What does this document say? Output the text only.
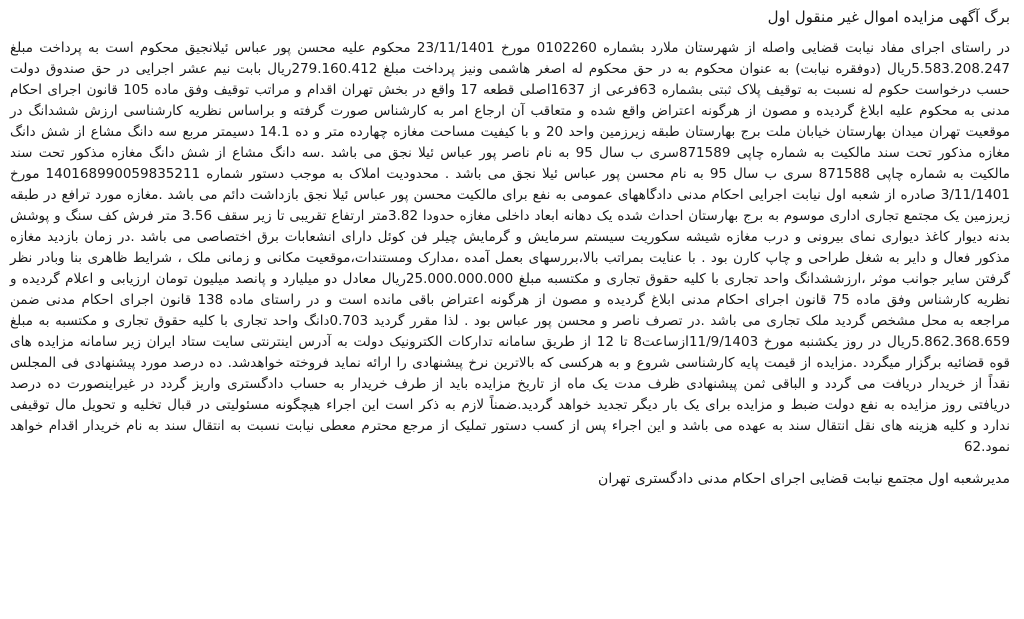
برگ آگهی مزایده اموال غیر منقول اول

در راستای اجرای مفاد نیابت قضایی واصله از شهرستان ملارد بشماره 0102260 مورخ 23/11/1401 محکوم علیه محسن پور عباس ئیلانجیق محکوم است به پرداخت مبلغ 5.583.208.247ریال (دوفقره نیابت) به عنوان محکوم به در حق محکوم له اصغر هاشمی ونیز پرداخت مبلغ 279.160.412ریال بابت نیم عشر اجرایی در حق صندوق دولت حسب درخواست حکوم له نسبت به توقیف پلاک ثبتی بشماره 63فرعی از 1637اصلی قطعه 17 واقع در بخش تهران اقدام و مراتب توقیف وفق ماده 105 قانون اجرای احکام مدنی به محکوم علیه ابلاغ گردیده و مصون از هرگونه اعتراض واقع شده و متعاقب آن ارجاع امر به کارشناس صورت گرفته و براساس نظریه کارشناسی ارزش ششدانگ در موقعیت تهران میدان بهارستان خیابان ملت برج بهارستان طبقه زیرزمین واحد 20 و با کیفیت مساحت مغازه چهارده متر و ده 14.1 دسیمتر مربع سه دانگ مشاع از شش دانگ مغازه مذکور تحت سند مالکیت به شماره چاپی 871589سری ب سال 95 به نام ناصر پور عباس ئیلا نجق می باشد .سه دانگ مشاع از شش دانگ مغازه مذکور تحت سند مالکیت به شماره چاپی 871588 سری ب سال 95 به نام محسن پور عباس ئیلا نجق می باشد . محدودیت املاک به موجب دستور شماره 140168990059835211 مورخ 3/11/1401 صادره از شعبه اول نیابت اجرایی احکام مدنی دادگاههای عمومی به نفع برای مالکیت محسن پور عباس ئیلا نجق بازداشت دائم می باشد .مغازه مورد ترافع در طبقه زیرزمین یک مجتمع تجاری اداری موسوم به برج بهارستان احداث شده یک دهانه ابعاد داخلی مغازه حدودا 3.82متر ارتفاع تقریبی تا زیر سقف 3.56 متر فرش کف سنگ و پوشش بدنه دیوار کاغذ دیواری نمای بیرونی و درب مغازه شیشه سکوریت سیستم سرمایش و گرمایش چیلر فن کوئل دارای انشعابات برق اختصاصی می باشد .در زمان بازدید مغازه مذکور فعال و دایر به شغل طراحی و چاپ کارن بود . با عنایت بمراتب بالا،بررسهای بعمل آمده ،مدارک ومستندات،موقعیت مکانی و زمانی ملک ، شرایط ظاهری بنا وبادر نظر گرفتن سایر جوانب موثر ،ارزششدانگ واحد تجاری با کلیه حقوق تجاری و مکتسبه مبلغ 25.000.000.000ریال معادل دو میلیارد و پانصد میلیون تومان ارزیابی و اعلام گردیده و نظریه کارشناس وفق ماده 75 قانون اجرای احکام مدنی ابلاغ گردیده و مصون از هرگونه اعتراض باقی مانده است و در راستای ماده 138 قانون اجرای احکام مدنی ضمن مراجعه به محل مشخص گردید ملک تجاری می باشد .در تصرف ناصر و محسن پور عباس بود . لذا مقرر گردید 0.703دانگ واحد تجاری با کلیه حقوق تجاری و مکتسبه به مبلغ 5.862.368.659ریال در روز یکشنبه مورخ 11/9/1403ازساعت8 تا 12 از طریق سامانه تدارکات الکترونیک دولت به آدرس اینترنتی سایت ستاد ایران زیر سامانه مزایده های قوه قضائیه برگزار میگردد .مزایده از قیمت پایه کارشناسی شروع و به هرکسی که بالاترین نرخ پیشنهادی را ارائه نماید فروخته خواهدشد. ده درصد مورد پیشنهادی فی المجلس نقداً از خریدار دریافت می گردد و الباقی ثمن پیشنهادی ظرف مدت یک ماه از تاریخ مزایده باید از طرف خریدار به حساب دادگستری واریز گردد در غیراینصورت ده درصد دریافتی روز مزایده به نفع دولت ضبط و مزایده برای یک بار دیگر تجدید خواهد گردید.ضمناً لازم به ذکر است این اجراء هیچگونه مسئولیتی در قبال تخلیه و تحویل مال توقیفی ندارد و کلیه هزینه های نقل انتقال سند به عهده می باشد و این اجراء پس از کسب دستور تملیک از مرجع محترم معطی نیابت نسبت به انتقال سند به نام خریدار اقدام خواهد نمود.62

مدیرشعبه اول مجتمع نیابت قضایی اجرای احکام مدنی دادگستری تهران
